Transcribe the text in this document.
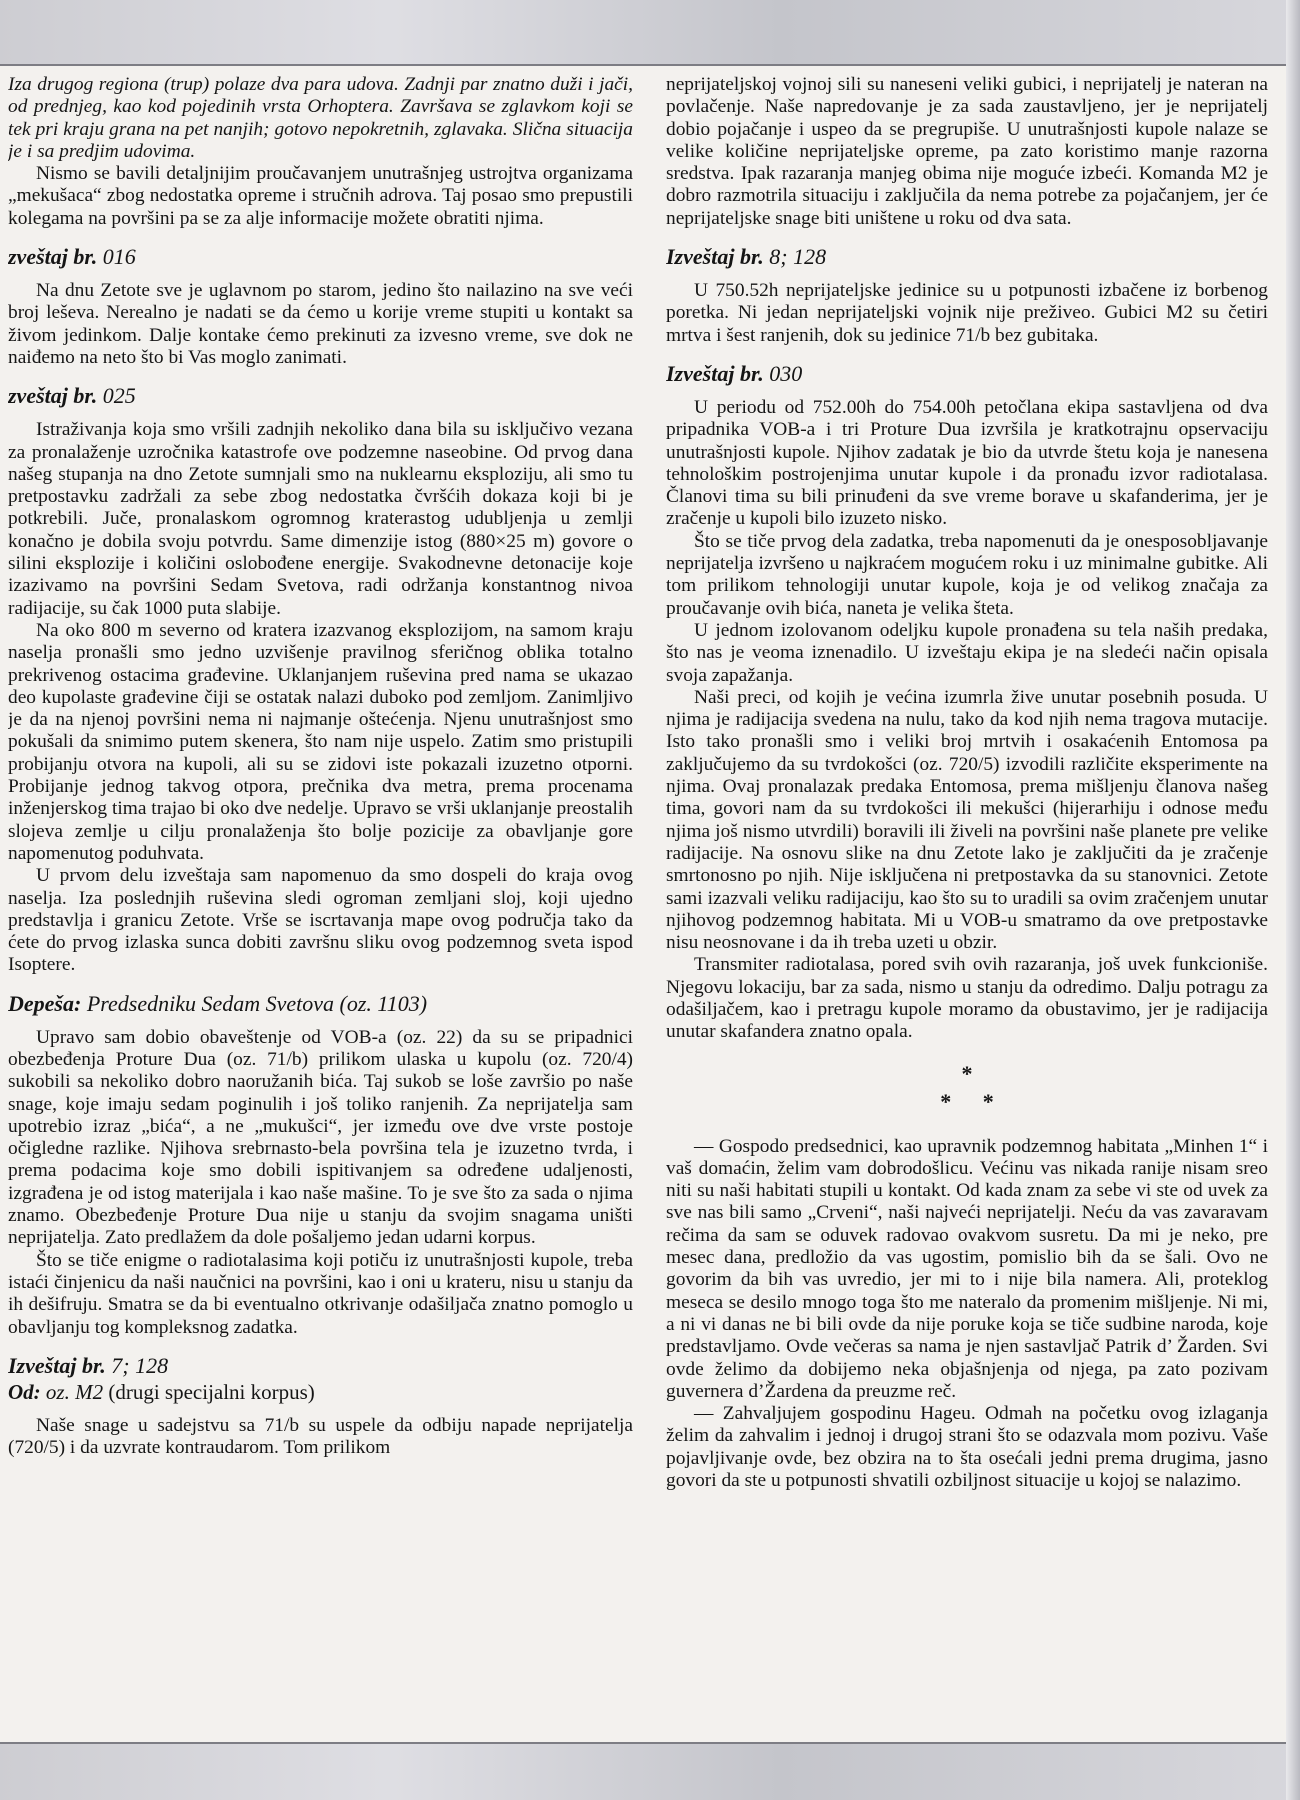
Iza drugog regiona (trup) polaze dva para udova. Zadnji par znatno duži i jači, od prednjeg, kao kod pojedinih vrsta Orhoptera. Završava se zglavkom koji se tek pri kraju grana na pet nanjih; gotovo nepokretnih, zglavaka. Slična situacija je i sa predjim udovima.

Nismo se bavili detaljnijim proučavanjem unutrašnjeg ustrojtva organizama „mekušaca“ zbog nedostatka opreme i stručnih adrova. Taj posao smo prepustili kolegama na površini pa se za alje informacije možete obratiti njima.

zveštaj br. 016

Na dnu Zetote sve je uglavnom po starom, jedino što nailazino na sve veći broj leševa. Nerealno je nadati se da ćemo u korije vreme stupiti u kontakt sa živom jedinkom. Dalje kontake ćemo prekinuti za izvesno vreme, sve dok ne naiđemo na neto što bi Vas moglo zanimati.

zveštaj br. 025

Istraživanja koja smo vršili zadnjih nekoliko dana bila su isključivo vezana za pronalaženje uzročnika katastrofe ove podzemne naseobine. Od prvog dana našeg stupanja na dno Zetote sumnjali smo na nuklearnu eksploziju, ali smo tu pretpostavku zadržali za sebe zbog nedostatka čvršćih dokaza koji bi je potkrebili. Juče, pronalaskom ogromnog kraterastog udubljenja u zemlji konačno je dobila svoju potvrdu. Same dimenzije istog (880×25 m) govore o silini eksplozije i količini oslobođene energije. Svakodnevne detonacije koje izazivamo na površini Sedam Svetova, radi održanja konstantnog nivoa radijacije, su čak 1000 puta slabije.

Na oko 800 m severno od kratera izazvanog eksplozijom, na samom kraju naselja pronašli smo jedno uzvišenje pravilnog sferičnog oblika totalno prekrivenog ostacima građevine. Uklanjanjem ruševina pred nama se ukazao deo kupolaste građevine čiji se ostatak nalazi duboko pod zemljom. Zanimljivo je da na njenoj površini nema ni najmanje oštećenja. Njenu unutrašnjost smo pokušali da snimimo putem skenera, što nam nije uspelo. Zatim smo pristupili probijanju otvora na kupoli, ali su se zidovi iste pokazali izuzetno otporni. Probijanje jednog takvog otpora, prečnika dva metra, prema procenama inženjerskog tima trajao bi oko dve nedelje. Upravo se vrši uklanjanje preostalih slojeva zemlje u cilju pronalaženja što bolje pozicije za obavljanje gore napomenutog poduhvata.

U prvom delu izveštaja sam napomenuo da smo dospeli do kraja ovog naselja. Iza poslednjih ruševina sledi ogroman zemljani sloj, koji ujedno predstavlja i granicu Zetote. Vrše se iscrtavanja mape ovog područja tako da ćete do prvog izlaska sunca dobiti završnu sliku ovog podzemnog sveta ispod Isoptere.

Depeša: Predsedniku Sedam Svetova (oz. 1103)

Upravo sam dobio obaveštenje od VOB-a (oz. 22) da su se pripadnici obezbeđenja Proture Dua (oz. 71/b) prilikom ulaska u kupolu (oz. 720/4) sukobili sa nekoliko dobro naoružanih bića. Taj sukob se loše završio po naše snage, koje imaju sedam poginulih i još toliko ranjenih. Za neprijatelja sam upotrebio izraz „bića“, a ne „mukušci“, jer između ove dve vrste postoje očigledne razlike. Njihova srebrnasto-bela površina tela je izuzetno tvrda, i prema podacima koje smo dobili ispitivanjem sa određene udaljenosti, izgrađena je od istog materijala i kao naše mašine. To je sve što za sada o njima znamo. Obezbeđenje Proture Dua nije u stanju da svojim snagama uništi neprijatelja. Zato predlažem da dole pošaljemo jedan udarni korpus.

Što se tiče enigme o radiotalasima koji potiču iz unutrašnjosti kupole, treba istaći činjenicu da naši naučnici na površini, kao i oni u krateru, nisu u stanju da ih dešifruju. Smatra se da bi eventualno otkrivanje odašiljača znatno pomoglo u obavljanju tog kompleksnog zadatka.

Izveštaj br. 7; 128
Od: oz. M2 (drugi specijalni korpus)

Naše snage u sadejstvu sa 71/b su uspele da odbiju napade neprijatelja (720/5) i da uzvrate kontraudarom. Tom prilikom

neprijateljskoj vojnoj sili su naneseni veliki gubici, i neprijatelj je nateran na povlačenje. Naše napredovanje je za sada zaustavljeno, jer je neprijatelj dobio pojačanje i uspeo da se pregrupiše. U unutrašnjosti kupole nalaze se velike količine neprijateljske opreme, pa zato koristimo manje razorna sredstva. Ipak razaranja manjeg obima nije moguće izbeći. Komanda M2 je dobro razmotrila situaciju i zaključila da nema potrebe za pojačanjem, jer će neprijateljske snage biti uništene u roku od dva sata.

Izveštaj br. 8; 128

U 750.52h neprijateljske jedinice su u potpunosti izbačene iz borbenog poretka. Ni jedan neprijateljski vojnik nije preživeo. Gubici M2 su četiri mrtva i šest ranjenih, dok su jedinice 71/b bez gubitaka.

Izveštaj br. 030

U periodu od 752.00h do 754.00h petočlana ekipa sastavljena od dva pripadnika VOB-a i tri Proture Dua izvršila je kratkotrajnu opservaciju unutrašnjosti kupole. Njihov zadatak je bio da utvrde štetu koja je nanesena tehnološkim postrojenjima unutar kupole i da pronađu izvor radiotalasa. Članovi tima su bili prinuđeni da sve vreme borave u skafanderima, jer je zračenje u kupoli bilo izuzeto nisko.

Što se tiče prvog dela zadatka, treba napomenuti da je onesposobljavanje neprijatelja izvršeno u najkraćem mogućem roku i uz minimalne gubitke. Ali tom prilikom tehnologiji unutar kupole, koja je od velikog značaja za proučavanje ovih bića, naneta je velika šteta.

U jednom izolovanom odeljku kupole pronađena su tela naših predaka, što nas je veoma iznenadilo. U izveštaju ekipa je na sledeći način opisala svoja zapažanja.

Naši preci, od kojih je većina izumrla žive unutar posebnih posuda. U njima je radijacija svedena na nulu, tako da kod njih nema tragova mutacije. Isto tako pronašli smo i veliki broj mrtvih i osakaćenih Entomosa pa zaključujemo da su tvrdokošci (oz. 720/5) izvodili različite eksperimente na njima. Ovaj pronalazak predaka Entomosa, prema mišljenju članova našeg tima, govori nam da su tvrdokošci ili mekušci (hijerarhiju i odnose među njima još nismo utvrdili) boravili ili živeli na površini naše planete pre velike radijacije. Na osnovu slike na dnu Zetote lako je zaključiti da je zračenje smrtonosno po njih. Nije isključena ni pretpostavka da su stanovnici. Zetote sami izazvali veliku radijaciju, kao što su to uradili sa ovim zračenjem unutar njihovog podzemnog habitata. Mi u VOB-u smatramo da ove pretpostavke nisu neosnovane i da ih treba uzeti u obzir.

Transmiter radiotalasa, pored svih ovih razaranja, još uvek funkcioniše. Njegovu lokaciju, bar za sada, nismo u stanju da odredimo. Dalju potragu za odašiljačem, kao i pretragu kupole moramo da obustavimo, jer je radijacija unutar skafandera znatno opala.

*
* *

— Gospodo predsednici, kao upravnik podzemnog habitata „Minhen 1“ i vaš domaćin, želim vam dobrodošlicu. Većinu vas nikada ranije nisam sreo niti su naši habitati stupili u kontakt. Od kada znam za sebe vi ste od uvek za sve nas bili samo „Crveni“, naši najveći neprijatelji. Neću da vas zavaravam rečima da sam se oduvek radovao ovakvom susretu. Da mi je neko, pre mesec dana, predložio da vas ugostim, pomislio bih da se šali. Ovo ne govorim da bih vas uvredio, jer mi to i nije bila namera. Ali, proteklog meseca se desilo mnogo toga što me nateralo da promenim mišljenje. Ni mi, a ni vi danas ne bi bili ovde da nije poruke koja se tiče sudbine naroda, koje predstavljamo. Ovde večeras sa nama je njen sastavljač Patrik d’ Žarden. Svi ovde želimo da dobijemo neka objašnjenja od njega, pa zato pozivam guvernera d’Žardena da preuzme reč.

— Zahvaljujem gospodinu Hageu. Odmah na početku ovog izlaganja želim da zahvalim i jednoj i drugoj strani što se odazvala mom pozivu. Vaše pojavljivanje ovde, bez obzira na to šta osećali jedni prema drugima, jasno govori da ste u potpunosti shvatili ozbiljnost situacije u kojoj se nalazimo.
